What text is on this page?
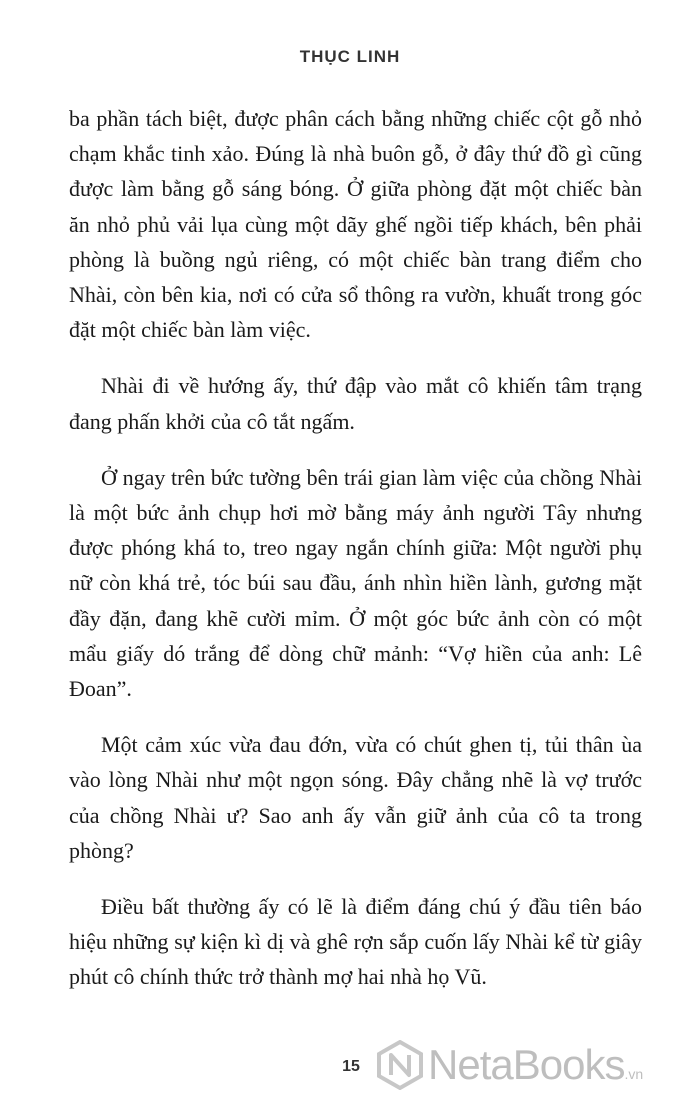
THỤC LINH

ba phần tách biệt, được phân cách bằng những chiếc cột gỗ nhỏ chạm khắc tinh xảo. Đúng là nhà buôn gỗ, ở đây thứ đồ gì cũng được làm bằng gỗ sáng bóng. Ở giữa phòng đặt một chiếc bàn ăn nhỏ phủ vải lụa cùng một dãy ghế ngồi tiếp khách, bên phải phòng là buồng ngủ riêng, có một chiếc bàn trang điểm cho Nhài, còn bên kia, nơi có cửa sổ thông ra vườn, khuất trong góc đặt một chiếc bàn làm việc.

Nhài đi về hướng ấy, thứ đập vào mắt cô khiến tâm trạng đang phấn khởi của cô tắt ngấm.

Ở ngay trên bức tường bên trái gian làm việc của chồng Nhài là một bức ảnh chụp hơi mờ bằng máy ảnh người Tây nhưng được phóng khá to, treo ngay ngắn chính giữa: Một người phụ nữ còn khá trẻ, tóc búi sau đầu, ánh nhìn hiền lành, gương mặt đầy đặn, đang khẽ cười mỉm. Ở một góc bức ảnh còn có một mẩu giấy dó trắng để dòng chữ mảnh: “Vợ hiền của anh: Lê Đoan”.

Một cảm xúc vừa đau đớn, vừa có chút ghen tị, tủi thân ùa vào lòng Nhài như một ngọn sóng. Đây chẳng nhẽ là vợ trước của chồng Nhài ư? Sao anh ấy vẫn giữ ảnh của cô ta trong phòng?

Điều bất thường ấy có lẽ là điểm đáng chú ý đầu tiên báo hiệu những sự kiện kì dị và ghê rợn sắp cuốn lấy Nhài kể từ giây phút cô chính thức trở thành mợ hai nhà họ Vũ.

15 NetaBooks .vn
